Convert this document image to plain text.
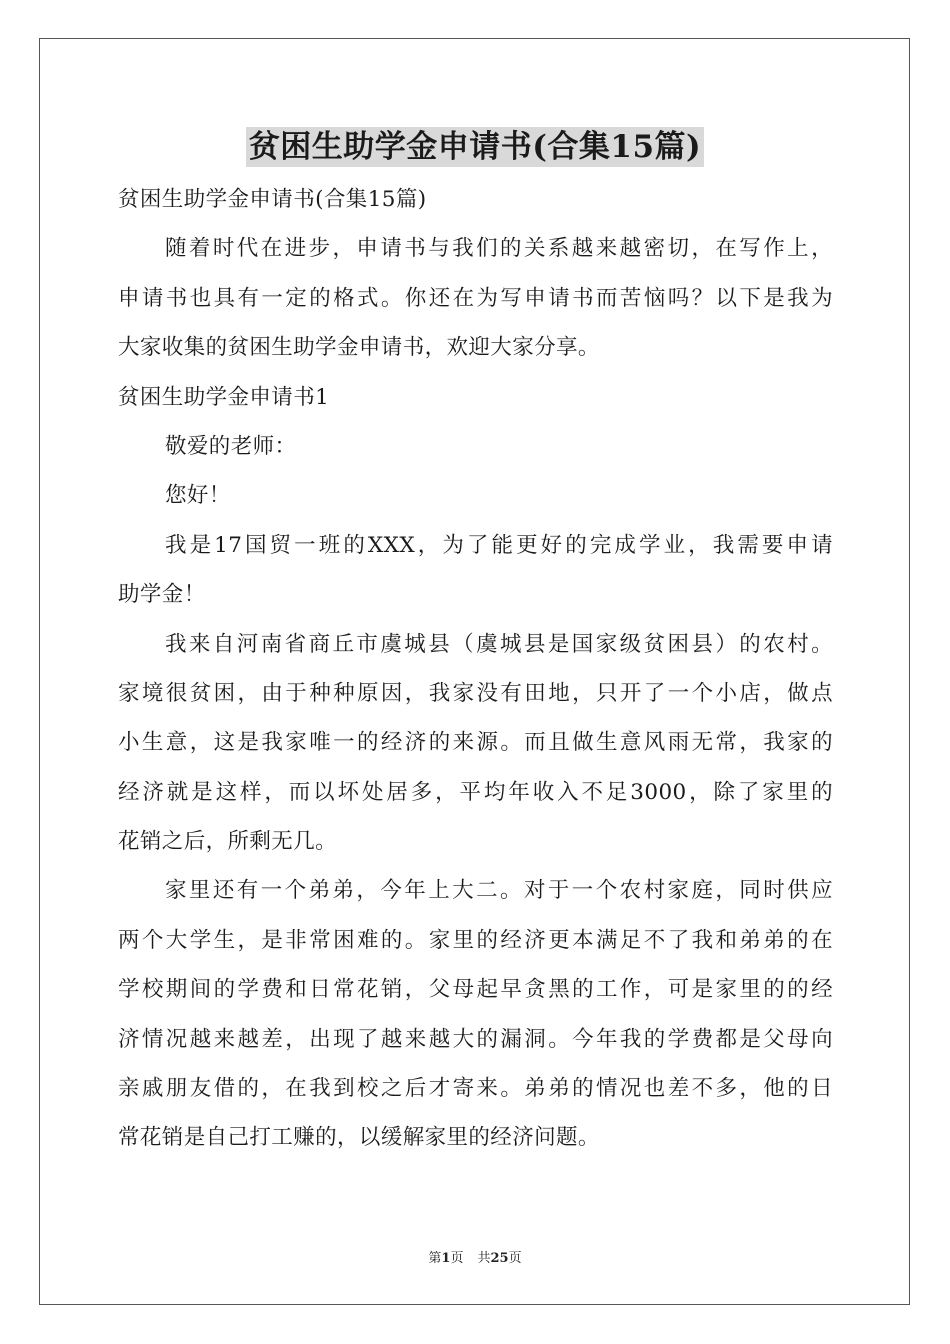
贫困生助学金申请书(合集15篇)
贫困生助学金申请书(合集15篇)
随着时代在进步，申请书与我们的关系越来越密切，在写作上，
申请书也具有一定的格式。你还在为写申请书而苦恼吗？以下是我为
大家收集的贫困生助学金申请书，欢迎大家分享。
贫困生助学金申请书1
敬爱的老师：
您好！
我是17国贸一班的XXX，为了能更好的完成学业，我需要申请
助学金！
我来自河南省商丘市虞城县（虞城县是国家级贫困县）的农村。
家境很贫困，由于种种原因，我家没有田地，只开了一个小店，做点
小生意，这是我家唯一的经济的来源。而且做生意风雨无常，我家的
经济就是这样，而以坏处居多，平均年收入不足3000，除了家里的
花销之后，所剩无几。
家里还有一个弟弟，今年上大二。对于一个农村家庭，同时供应
两个大学生，是非常困难的。家里的经济更本满足不了我和弟弟的在
学校期间的学费和日常花销，父母起早贪黑的工作，可是家里的的经
济情况越来越差，出现了越来越大的漏洞。今年我的学费都是父母向
亲戚朋友借的，在我到校之后才寄来。弟弟的情况也差不多，他的日
常花销是自己打工赚的，以缓解家里的经济问题。
第1页 共25页
